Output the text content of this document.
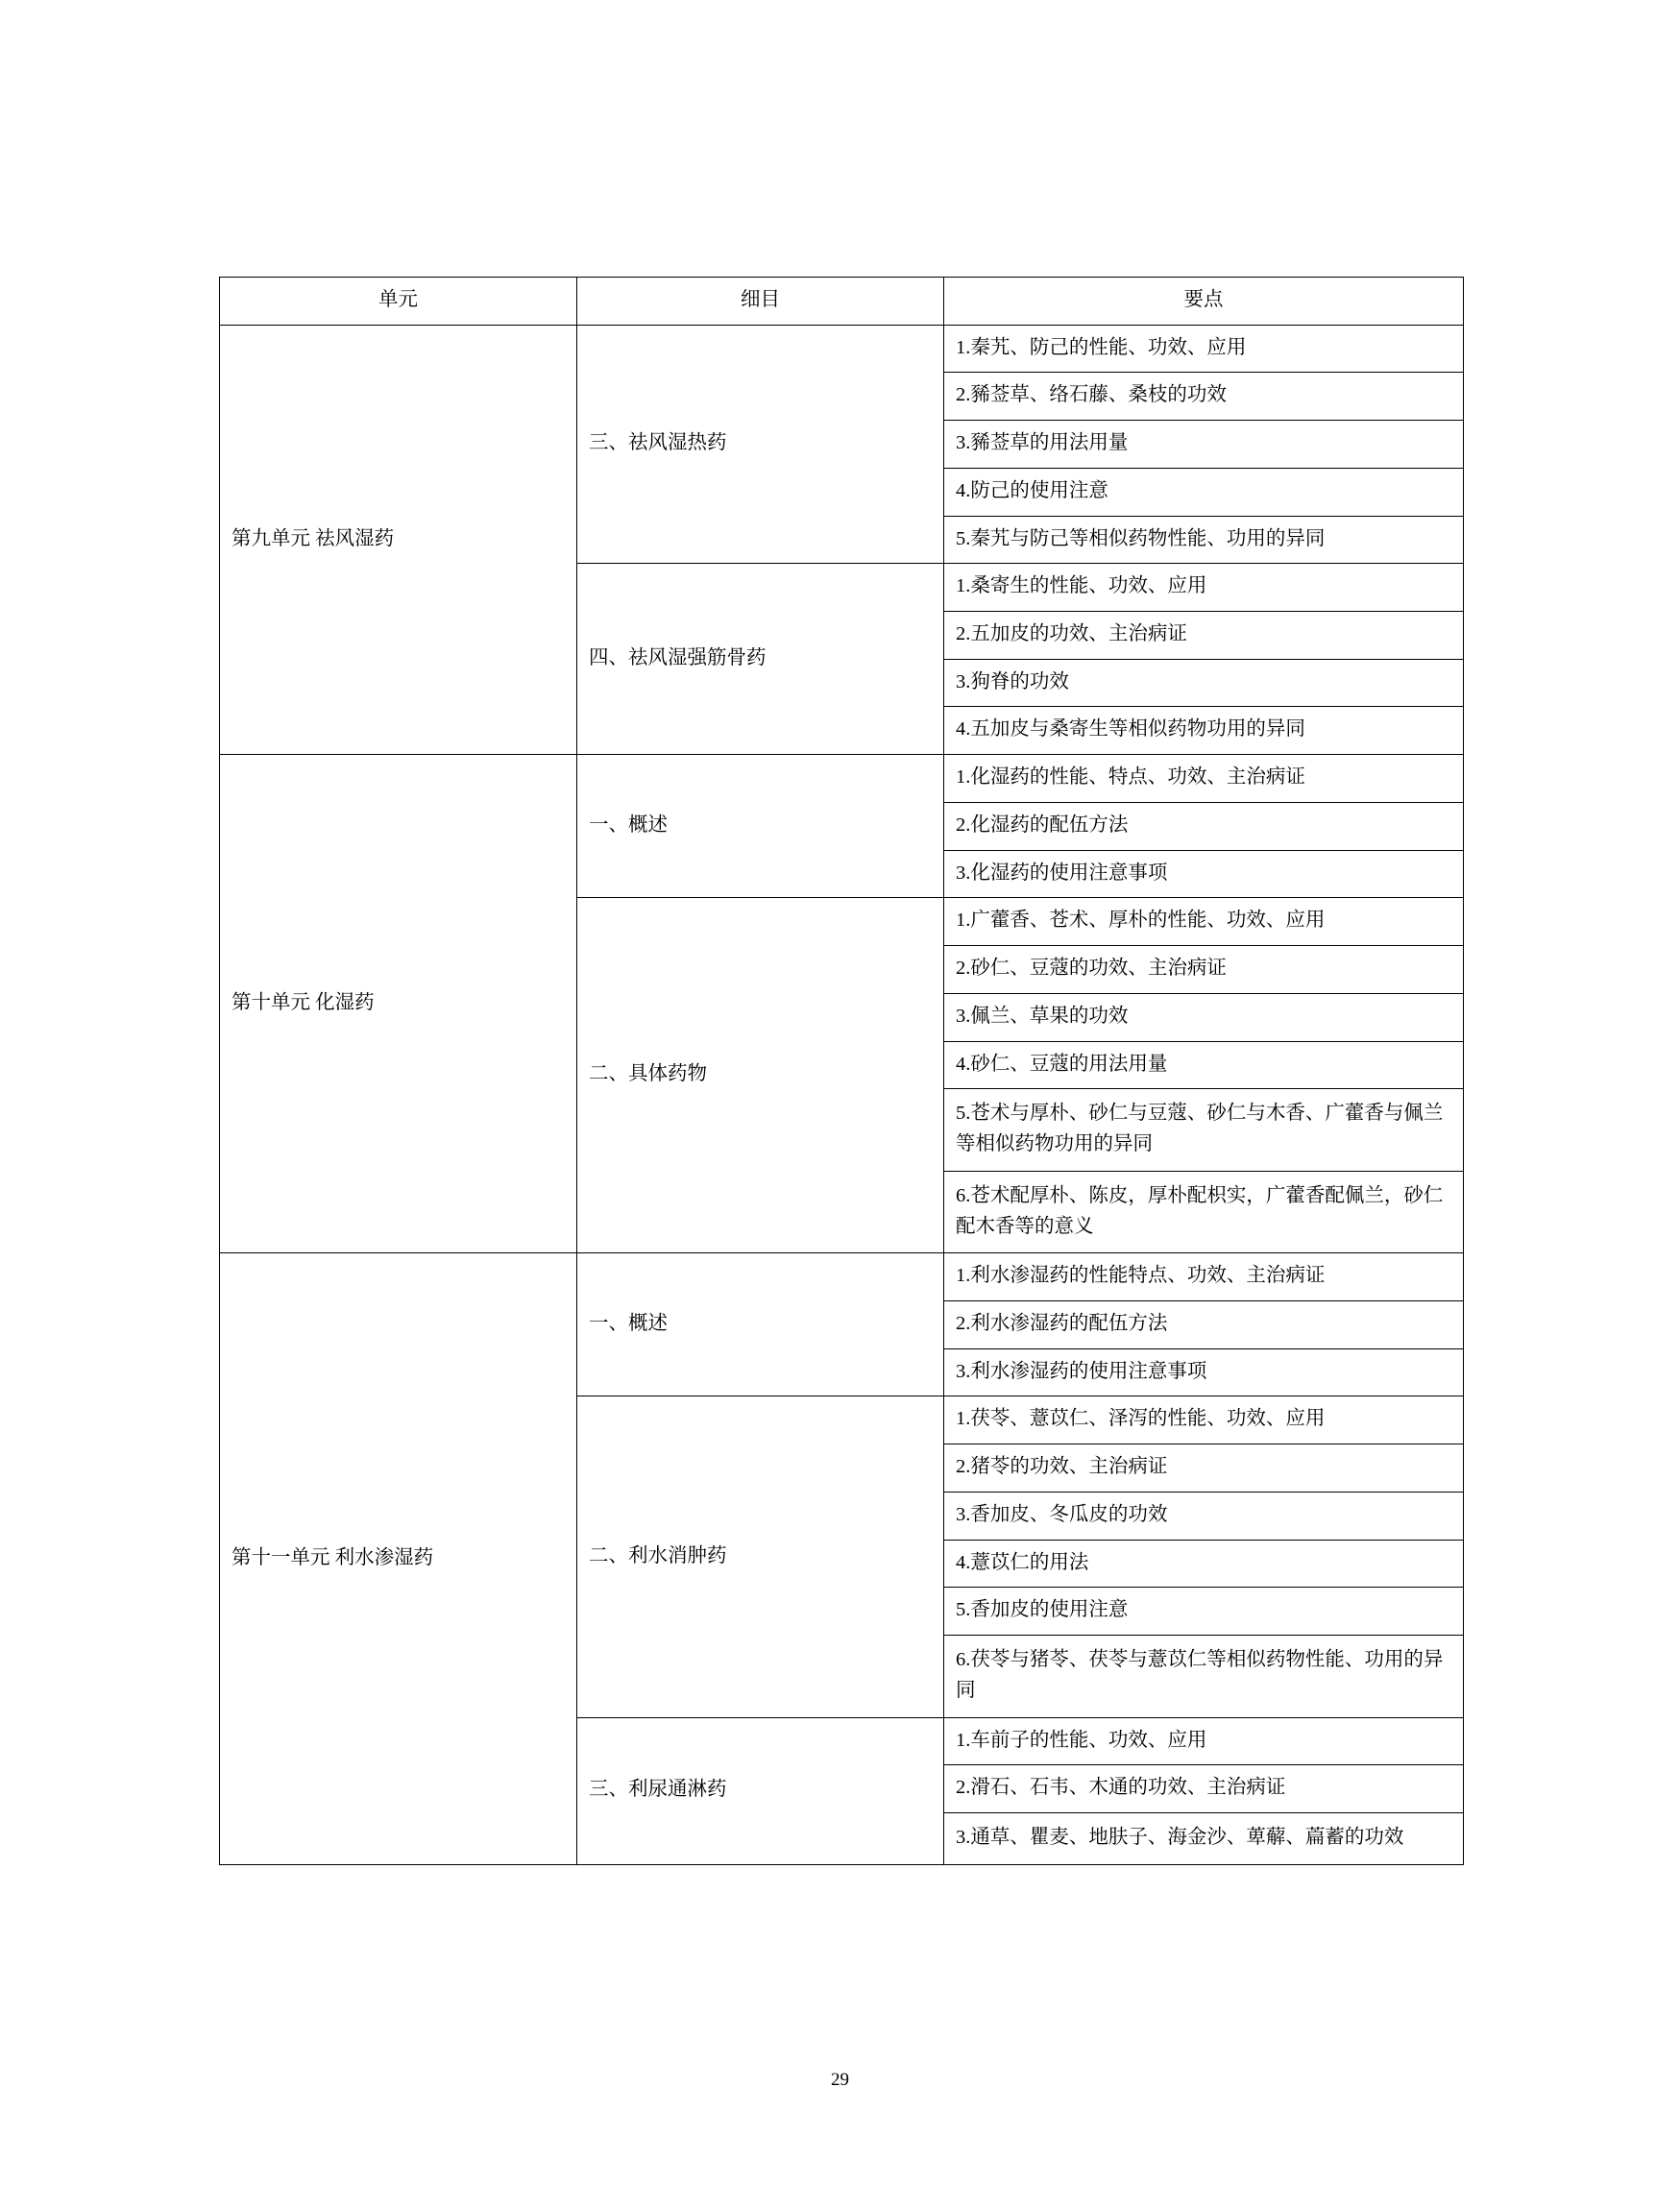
单元	细目	要点
第九单元 祛风湿药	三、祛风湿热药	1.秦艽、防己的性能、功效、应用
		2.豨莶草、络石藤、桑枝的功效
		3.豨莶草的用法用量
		4.防己的使用注意
		5.秦艽与防己等相似药物性能、功用的异同
	四、祛风湿强筋骨药	1.桑寄生的性能、功效、应用
		2.五加皮的功效、主治病证
		3.狗脊的功效
		4.五加皮与桑寄生等相似药物功用的异同
第十单元 化湿药	一、概述	1.化湿药的性能、特点、功效、主治病证
		2.化湿药的配伍方法
		3.化湿药的使用注意事项
	二、具体药物	1.广藿香、苍术、厚朴的性能、功效、应用
		2.砂仁、豆蔻的功效、主治病证
		3.佩兰、草果的功效
		4.砂仁、豆蔻的用法用量
		5.苍术与厚朴、砂仁与豆蔻、砂仁与木香、广藿香与佩兰等相似药物功用的异同
		6.苍术配厚朴、陈皮，厚朴配枳实，广藿香配佩兰，砂仁配木香等的意义
第十一单元 利水渗湿药	一、概述	1.利水渗湿药的性能特点、功效、主治病证
		2.利水渗湿药的配伍方法
		3.利水渗湿药的使用注意事项
	二、利水消肿药	1.茯苓、薏苡仁、泽泻的性能、功效、应用
		2.猪苓的功效、主治病证
		3.香加皮、冬瓜皮的功效
		4.薏苡仁的用法
		5.香加皮的使用注意
		6.茯苓与猪苓、茯苓与薏苡仁等相似药物性能、功用的异同
	三、利尿通淋药	1.车前子的性能、功效、应用
		2.滑石、石韦、木通的功效、主治病证
		3.通草、瞿麦、地肤子、海金沙、萆薢、萹蓄的功效
29
